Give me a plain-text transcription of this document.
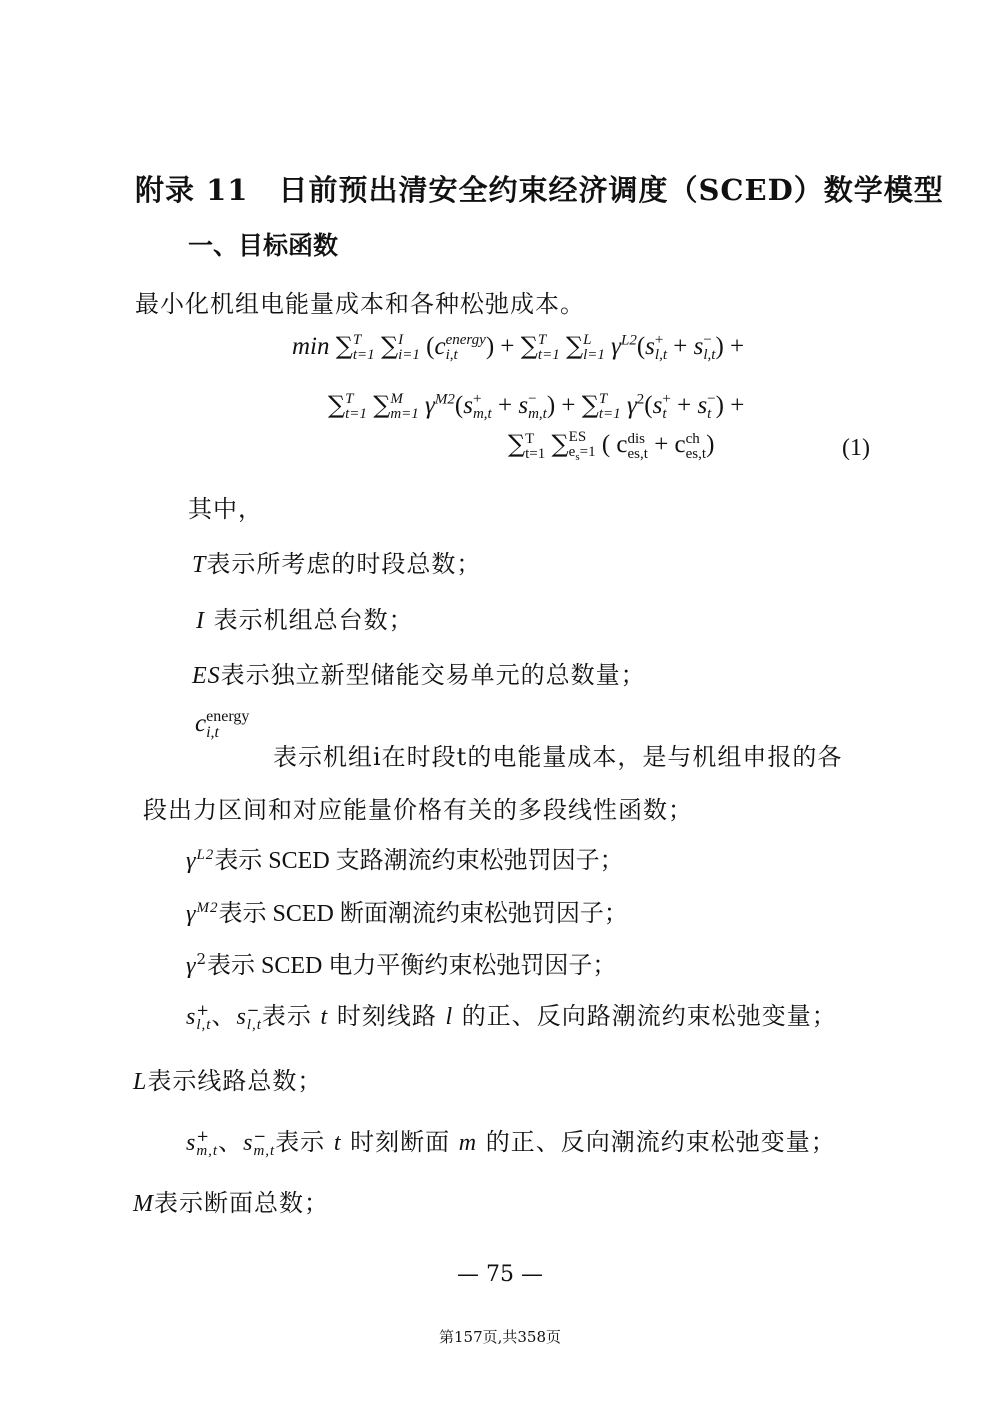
附录 11　日前预出清安全约束经济调度（SCED）数学模型
一、目标函数
最小化机组电能量成本和各种松弛成本。
min ∑ T
t=1 ∑ I
i=1 (c energy
i,t	) + ∑ T
t=1 ∑ L
l=1 $\gamma^{L2}(s$ +
l,t + s −
l,t ) +
∑ T
t=1 ∑ M
m=1 $\gamma^{M2}(s$ +
m,t + s −
m,t ) + ∑ T
t=1 $\gamma^2(s$ +
t + s −
t ) +
∑ T
t=1 ∑ ES
$e_s=1$ ( c dis
es,t + c ch
es,t )	(1)
其中，
T表示所考虑的时段总数；
I 表示机组总台数；
ES表示独立新型储能交易单元的总数量；
c energy
i,t
表示机组i在时段t的电能量成本，是与机组申报的各
段出力区间和对应能量价格有关的多段线性函数；
$\gamma^{L2}$表示 SCED 支路潮流约束松弛罚因子；
$\gamma^{M2}$表示 SCED 断面潮流约束松弛罚因子；
$\gamma^2$表示 SCED 电力平衡约束松弛罚因子；
s +
l,t 、s −
l,t 表示 t 时刻线路 l 的正、反向路潮流约束松弛变量；
L表示线路总数；
s +
m,t 、s −
m,t 表示 t 时刻断面 m 的正、反向潮流约束松弛变量；
M表示断面总数；
— 75 —
第157页,共358页
